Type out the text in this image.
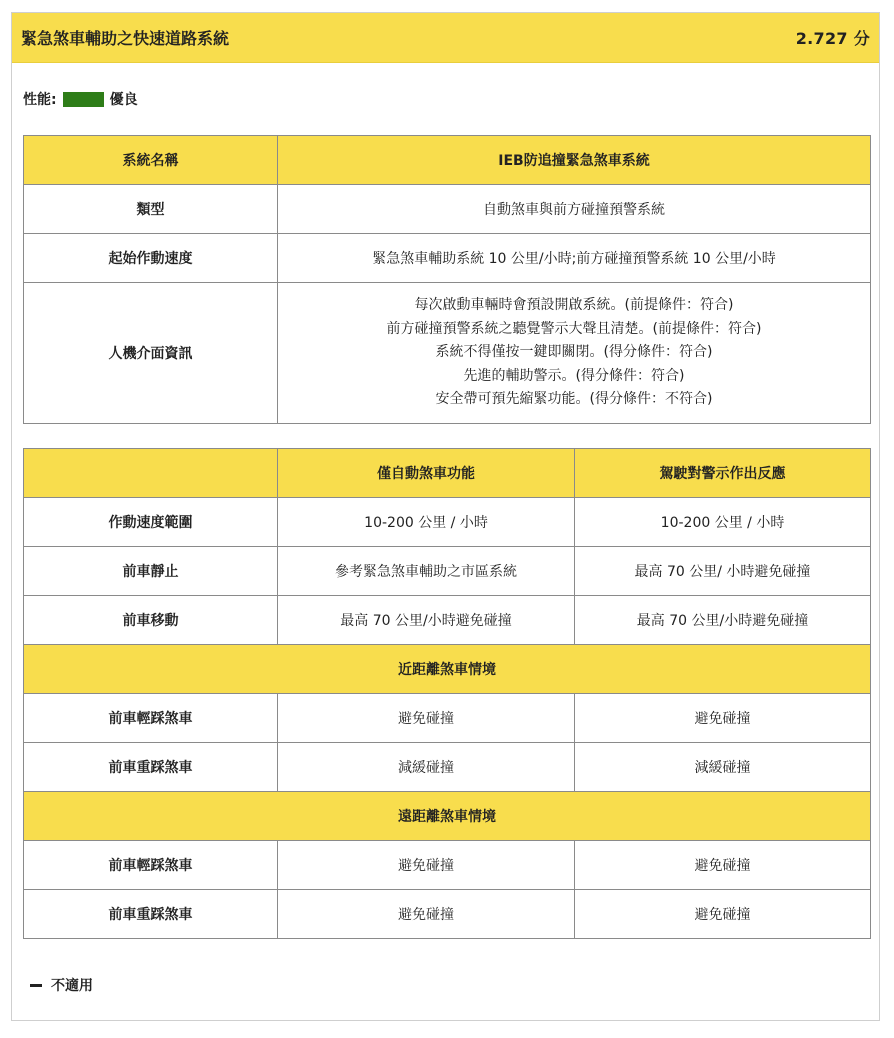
緊急煞車輔助之快速道路系統	2.727 分
性能:	優良
系統名稱	IEB防追撞緊急煞車系統
類型	自動煞車與前方碰撞預警系統
起始作動速度	緊急煞車輔助系統 10 公里/小時;前方碰撞預警系統 10 公里/小時
人機介面資訊	每次啟動車輛時會預設開啟系統。(前提條件：符合)
前方碰撞預警系統之聽覺警示大聲且清楚。(前提條件：符合)
系統不得僅按一鍵即關閉。(得分條件：符合)
先進的輔助警示。(得分條件：符合)
安全帶可預先縮緊功能。(得分條件：不符合)
	僅自動煞車功能	駕駛對警示作出反應
作動速度範圍	10-200 公里 / 小時	10-200 公里 / 小時
前車靜止	參考緊急煞車輔助之市區系統	最高 70 公里/ 小時避免碰撞
前車移動	最高 70 公里/小時避免碰撞	最高 70 公里/小時避免碰撞
近距離煞車情境		
前車輕踩煞車	避免碰撞	避免碰撞
前車重踩煞車	減緩碰撞	減緩碰撞
遠距離煞車情境		
前車輕踩煞車	避免碰撞	避免碰撞
前車重踩煞車	避免碰撞	避免碰撞
不適用
